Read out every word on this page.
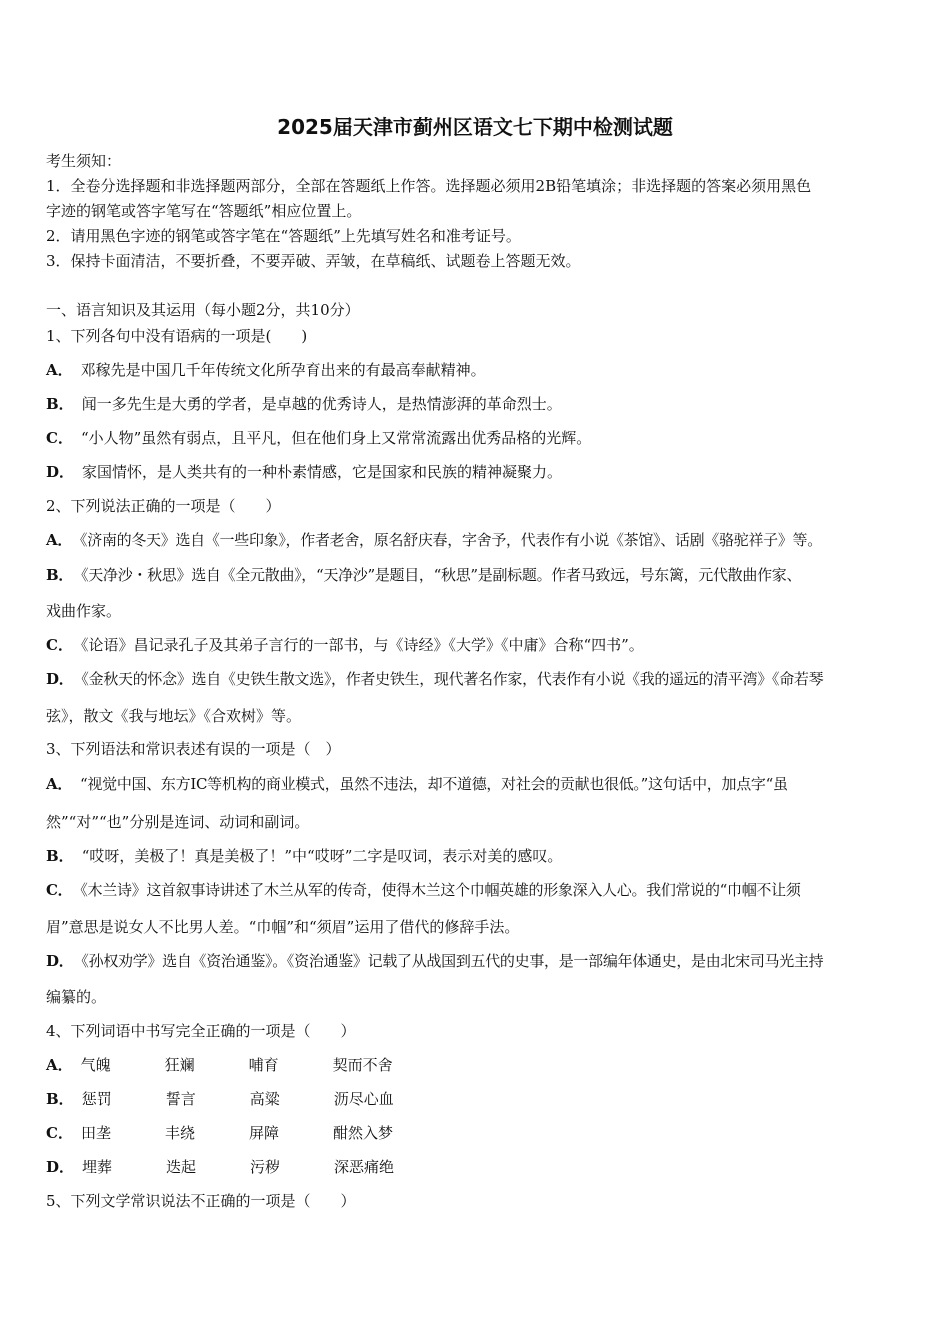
2025届天津市蓟州区语文七下期中检测试题
考生须知：
1．全卷分选择题和非选择题两部分，全部在答题纸上作答。选择题必须用2B铅笔填涂；非选择题的答案必须用黑色
字迹的钢笔或答字笔写在“答题纸”相应位置上。
2．请用黑色字迹的钢笔或答字笔在“答题纸”上先填写姓名和准考证号。
3．保持卡面清洁，不要折叠，不要弄破、弄皱，在草稿纸、试题卷上答题无效。
一、语言知识及其运用（每小题2分，共10分）
1、下列各句中没有语病的一项是(　　)
A． 邓稼先是中国几千年传统文化所孕育出来的有最高奉献精神。
B． 闻一多先生是大勇的学者，是卓越的优秀诗人，是热情澎湃的革命烈士。
C． “小人物”虽然有弱点，且平凡，但在他们身上又常常流露出优秀品格的光辉。
D． 家国情怀，是人类共有的一种朴素情感，它是国家和民族的精神凝聚力。
2、下列说法正确的一项是（　　）
A． 《济南的冬天》选自《一些印象》，作者老舍，原名舒庆春，字舍予，代表作有小说《茶馆》、话剧《骆驼祥子》等。
B． 《天净沙・秋思》选自《全元散曲》，“天净沙”是题目，“秋思”是副标题。作者马致远，号东篱，元代散曲作家、
戏曲作家。
C． 《论语》昌记录孔子及其弟子言行的一部书，与《诗经》《大学》《中庸》合称“四书”。
D． 《金秋天的怀念》选自《史铁生散文选》，作者史铁生，现代著名作家，代表作有小说《我的遥远的清平湾》《命若琴
弦》，散文《我与地坛》《合欢树》等。
3、下列语法和常识表述有误的一项是（　）
A． “视觉中国、东方IC等机构的商业模式，虽然不违法，却不道德，对社会的贡献也很低。”这句话中，加点字“虽
然”“对”“也”分别是连词、动词和副词。
B． “哎呀，美极了！真是美极了！”中“哎呀”二字是叹词，表示对美的感叹。
C． 《木兰诗》这首叙事诗讲述了木兰从军的传奇，使得木兰这个巾帼英雄的形象深入人心。我们常说的“巾帼不让须
眉”意思是说女人不比男人差。“巾帼”和“须眉”运用了借代的修辞手法。
D． 《孙权劝学》选自《资治通鉴》。《资治通鉴》记载了从战国到五代的史事，是一部编年体通史，是由北宋司马光主持
编纂的。
4、下列词语中书写完全正确的一项是（　　）
A． 气魄	狂斓	哺育	契而不舍
B． 惩罚	誓言	高粱	沥尽心血
C． 田垄	丰绕	屏障	酣然入梦
D． 埋葬	迭起	污秽	深恶痛绝
5、下列文学常识说法不正确的一项是（　　）
